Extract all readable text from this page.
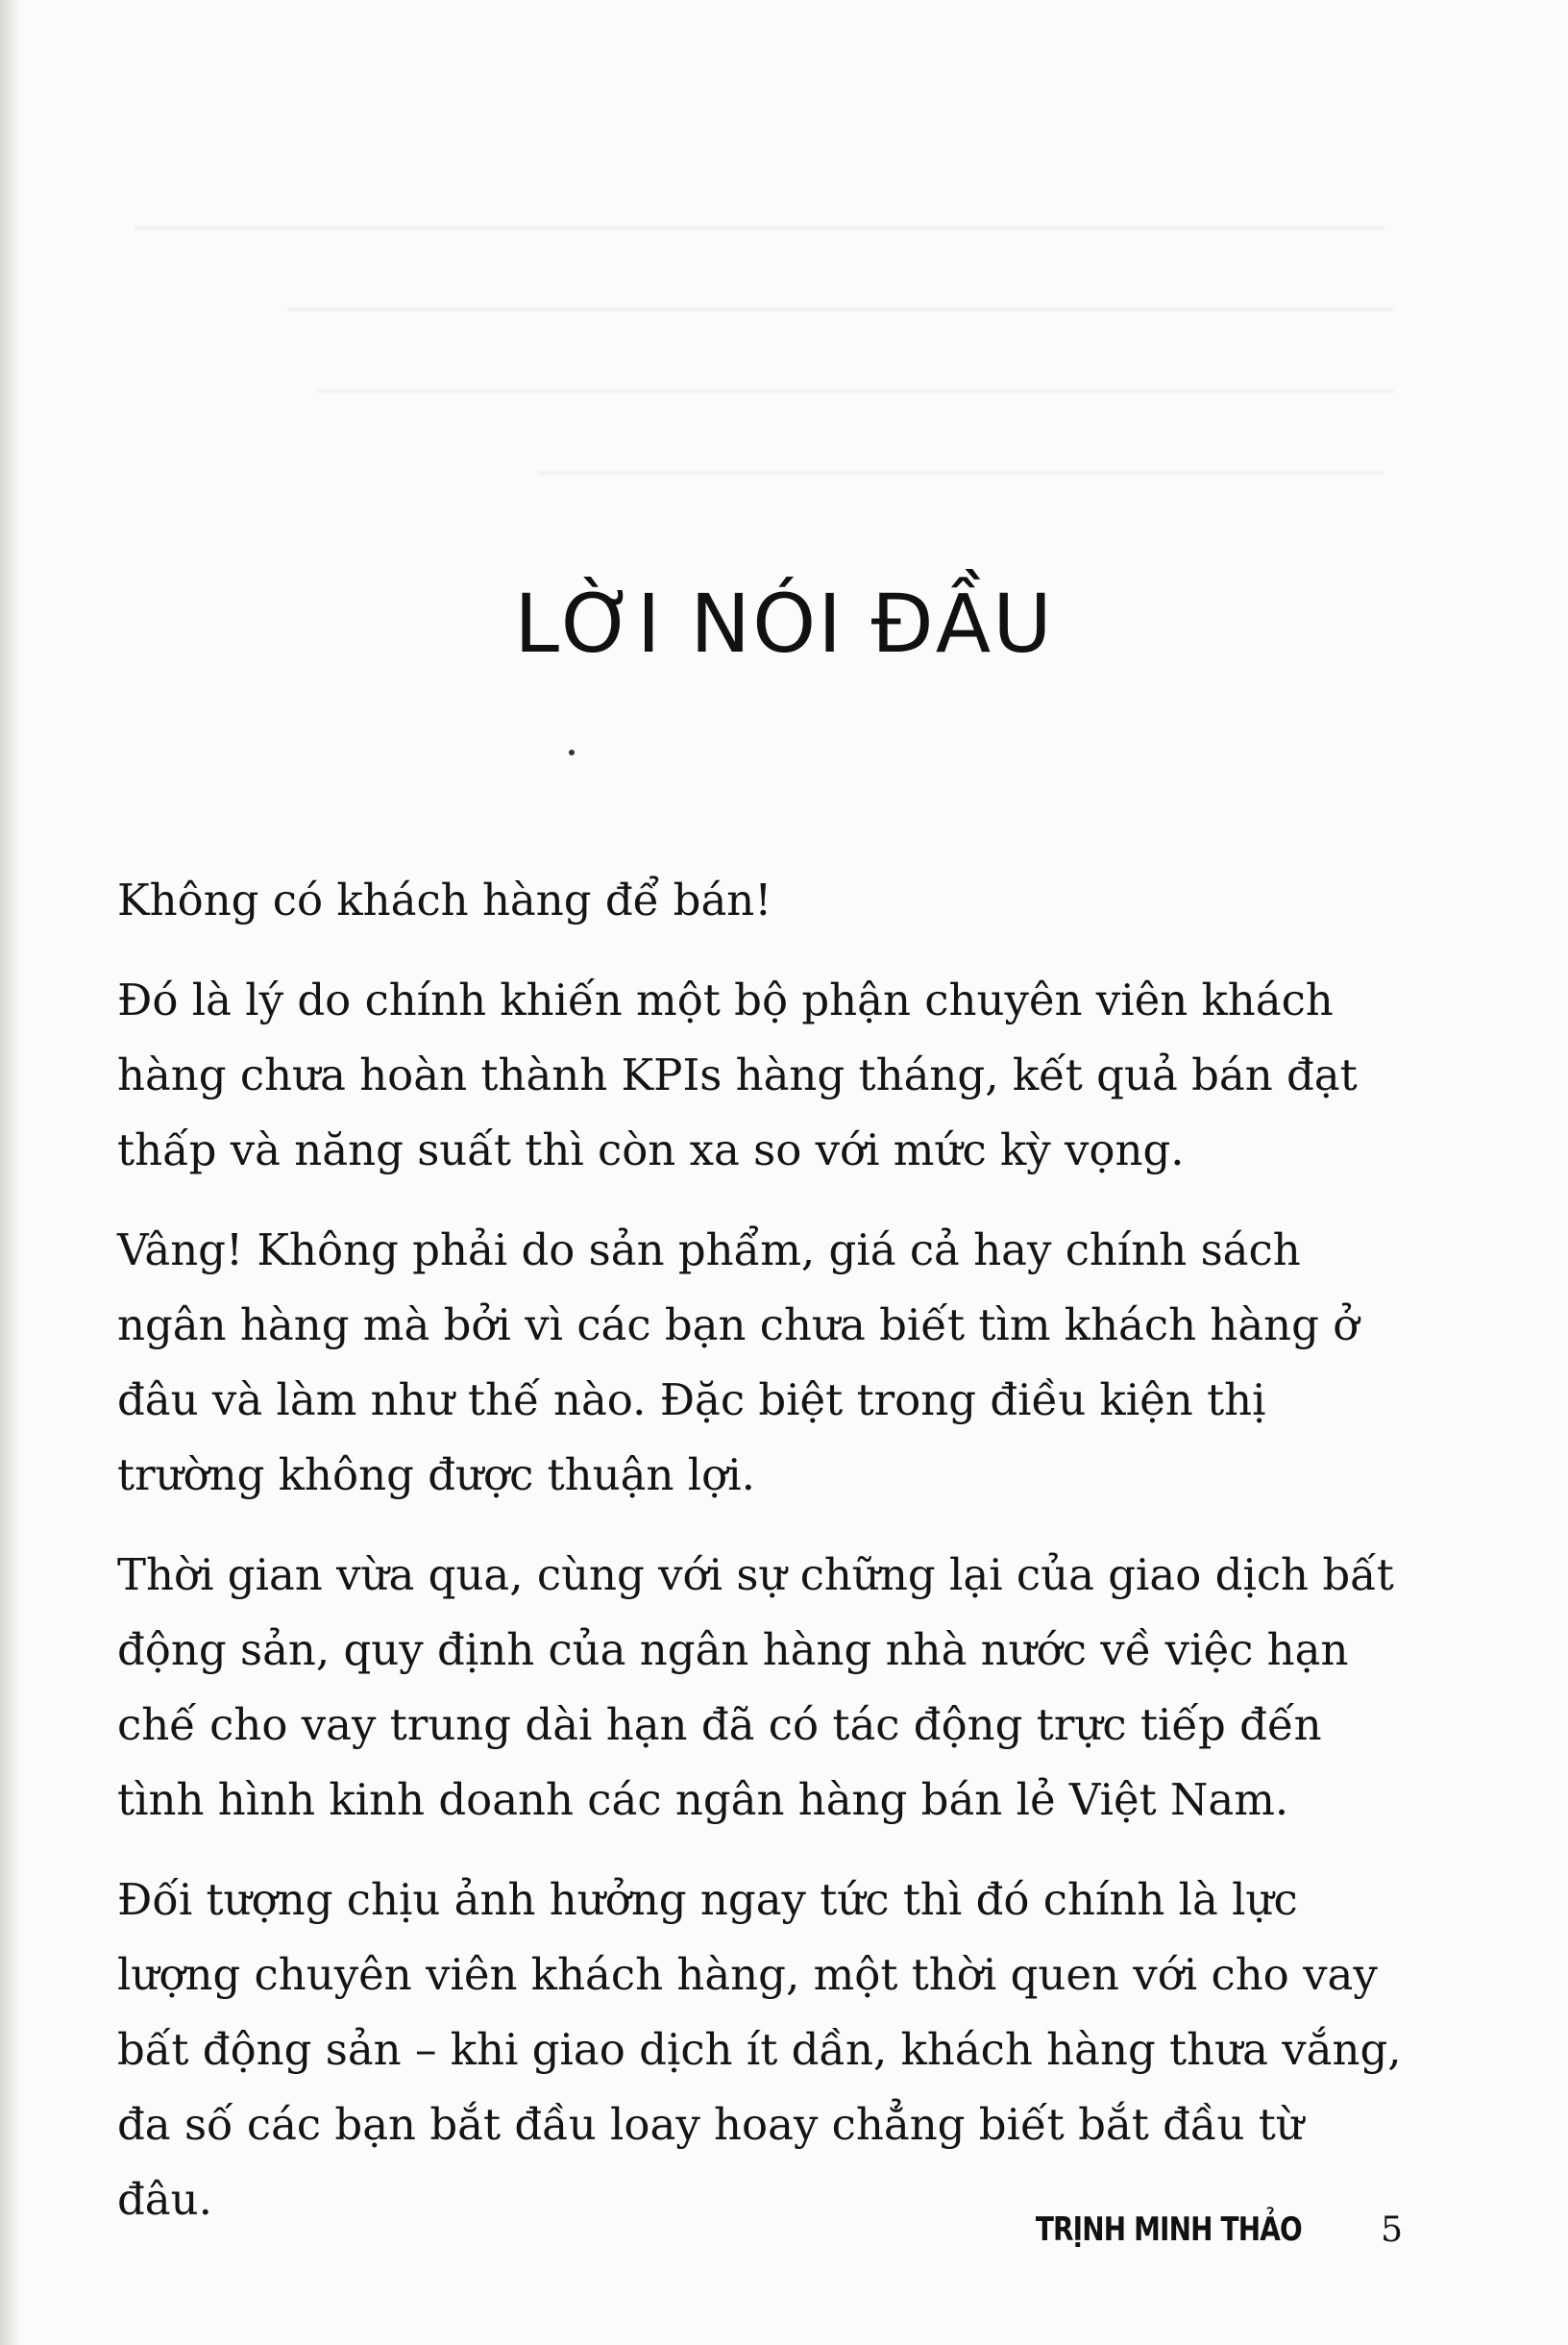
LỜI NÓI ĐẦU

Không có khách hàng để bán!

Đó là lý do chính khiến một bộ phận chuyên viên khách hàng chưa hoàn thành KPIs hàng tháng, kết quả bán đạt thấp và năng suất thì còn xa so với mức kỳ vọng.

Vâng! Không phải do sản phẩm, giá cả hay chính sách ngân hàng mà bởi vì các bạn chưa biết tìm khách hàng ở đâu và làm như thế nào. Đặc biệt trong điều kiện thị trường không được thuận lợi.

Thời gian vừa qua, cùng với sự chững lại của giao dịch bất động sản, quy định của ngân hàng nhà nước về việc hạn chế cho vay trung dài hạn đã có tác động trực tiếp đến tình hình kinh doanh các ngân hàng bán lẻ Việt Nam.

Đối tượng chịu ảnh hưởng ngay tức thì đó chính là lực lượng chuyên viên khách hàng, một thời quen với cho vay bất động sản – khi giao dịch ít dần, khách hàng thưa vắng, đa số các bạn bắt đầu loay hoay chẳng biết bắt đầu từ đâu.

TRỊNH MINH THẢO 5
